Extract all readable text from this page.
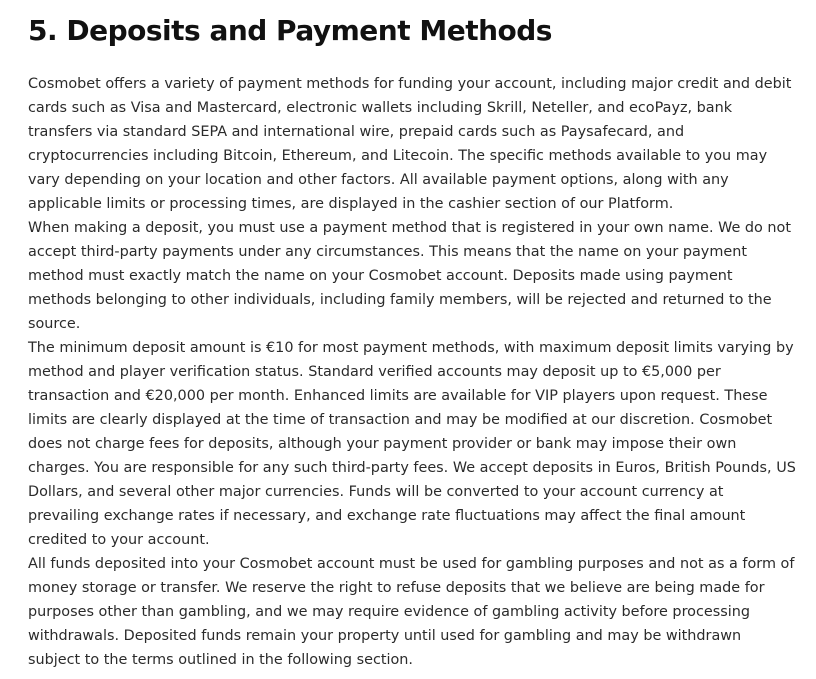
5. Deposits and Payment Methods

Cosmobet offers a variety of payment methods for funding your account, including major credit and debit cards such as Visa and Mastercard, electronic wallets including Skrill, Neteller, and ecoPayz, bank transfers via standard SEPA and international wire, prepaid cards such as Paysafecard, and cryptocurrencies including Bitcoin, Ethereum, and Litecoin. The specific methods available to you may vary depending on your location and other factors. All available payment options, along with any applicable limits or processing times, are displayed in the cashier section of our Platform.

When making a deposit, you must use a payment method that is registered in your own name. We do not accept third-party payments under any circumstances. This means that the name on your payment method must exactly match the name on your Cosmobet account. Deposits made using payment methods belonging to other individuals, including family members, will be rejected and returned to the source.

The minimum deposit amount is €10 for most payment methods, with maximum deposit limits varying by method and player verification status. Standard verified accounts may deposit up to €5,000 per transaction and €20,000 per month. Enhanced limits are available for VIP players upon request. These limits are clearly displayed at the time of transaction and may be modified at our discretion. Cosmobet does not charge fees for deposits, although your payment provider or bank may impose their own charges. You are responsible for any such third-party fees. We accept deposits in Euros, British Pounds, US Dollars, and several other major currencies. Funds will be converted to your account currency at prevailing exchange rates if necessary, and exchange rate fluctuations may affect the final amount credited to your account.

All funds deposited into your Cosmobet account must be used for gambling purposes and not as a form of money storage or transfer. We reserve the right to refuse deposits that we believe are being made for purposes other than gambling, and we may require evidence of gambling activity before processing withdrawals. Deposited funds remain your property until used for gambling and may be withdrawn subject to the terms outlined in the following section.
